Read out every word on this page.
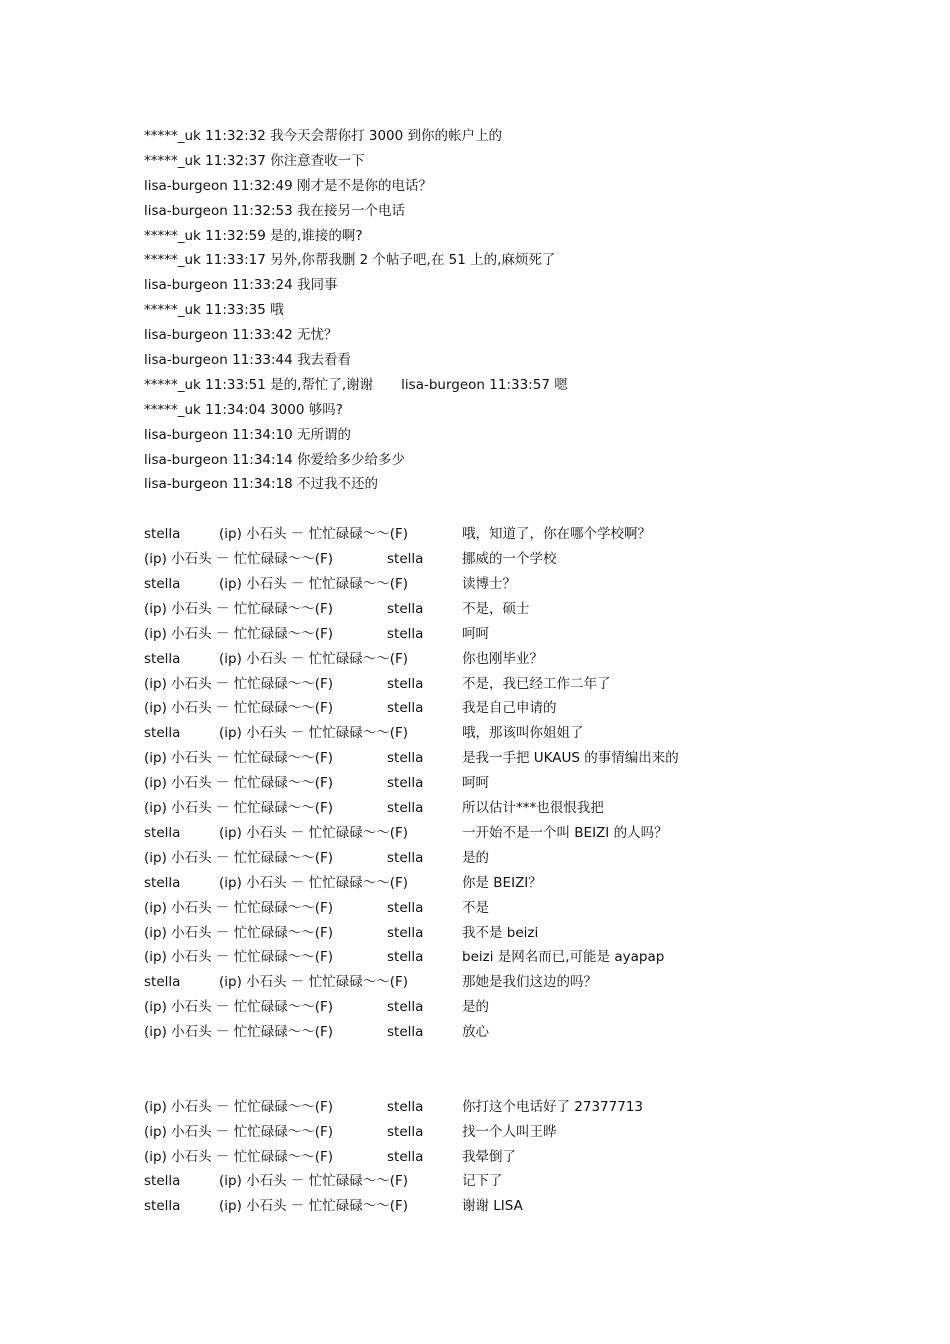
*****_uk 11:32:32 我今天会帮你打 3000 到你的帐户上的
*****_uk 11:32:37 你注意查收一下
lisa-burgeon 11:32:49 刚才是不是你的电话？
lisa-burgeon 11:32:53 我在接另一个电话
*****_uk 11:32:59 是的,谁接的啊?
*****_uk 11:33:17 另外,你帮我删 2 个帖子吧,在 51 上的,麻烦死了
lisa-burgeon 11:33:24 我同事
*****_uk 11:33:35 哦
lisa-burgeon 11:33:42 无忧？
lisa-burgeon 11:33:44 我去看看
*****_uk 11:33:51 是的,帮忙了,谢谢 lisa-burgeon 11:33:57 嗯
*****_uk 11:34:04 3000 够吗?
lisa-burgeon 11:34:10 无所谓的
lisa-burgeon 11:34:14 你爱给多少给多少
lisa-burgeon 11:34:18 不过我不还的
stella	(ip) 小石头 － 忙忙碌碌～～(F)	哦，知道了，你在哪个学校啊？
(ip) 小石头 － 忙忙碌碌～～(F)	stella	挪威的一个学校
stella	(ip) 小石头 － 忙忙碌碌～～(F)	读博士？
(ip) 小石头 － 忙忙碌碌～～(F)	stella	不是，硕士
(ip) 小石头 － 忙忙碌碌～～(F)	stella	呵呵
stella	(ip) 小石头 － 忙忙碌碌～～(F)	你也刚毕业？
(ip) 小石头 － 忙忙碌碌～～(F)	stella	不是，我已经工作二年了
(ip) 小石头 － 忙忙碌碌～～(F)	stella	我是自己申请的
stella	(ip) 小石头 － 忙忙碌碌～～(F)	哦，那该叫你姐姐了
(ip) 小石头 － 忙忙碌碌～～(F)	stella	是我一手把 UKAUS 的事情编出来的
(ip) 小石头 － 忙忙碌碌～～(F)	stella	呵呵
(ip) 小石头 － 忙忙碌碌～～(F)	stella	所以估计***也很恨我把
stella	(ip) 小石头 － 忙忙碌碌～～(F)	一开始不是一个叫 BEIZI 的人吗？
(ip) 小石头 － 忙忙碌碌～～(F)	stella	是的
stella	(ip) 小石头 － 忙忙碌碌～～(F)	你是 BEIZI？
(ip) 小石头 － 忙忙碌碌～～(F)	stella	不是
(ip) 小石头 － 忙忙碌碌～～(F)	stella	我不是 beizi
(ip) 小石头 － 忙忙碌碌～～(F)	stella	beizi 是网名而已,可能是 ayapap
stella	(ip) 小石头 － 忙忙碌碌～～(F)	那她是我们这边的吗？
(ip) 小石头 － 忙忙碌碌～～(F)	stella	是的
(ip) 小石头 － 忙忙碌碌～～(F)	stella	放心
(ip) 小石头 － 忙忙碌碌～～(F)	stella	你打这个电话好了 27377713
(ip) 小石头 － 忙忙碌碌～～(F)	stella	找一个人叫王晔
(ip) 小石头 － 忙忙碌碌～～(F)	stella	我晕倒了
stella	(ip) 小石头 － 忙忙碌碌～～(F)	记下了
stella	(ip) 小石头 － 忙忙碌碌～～(F)	谢谢 LISA
